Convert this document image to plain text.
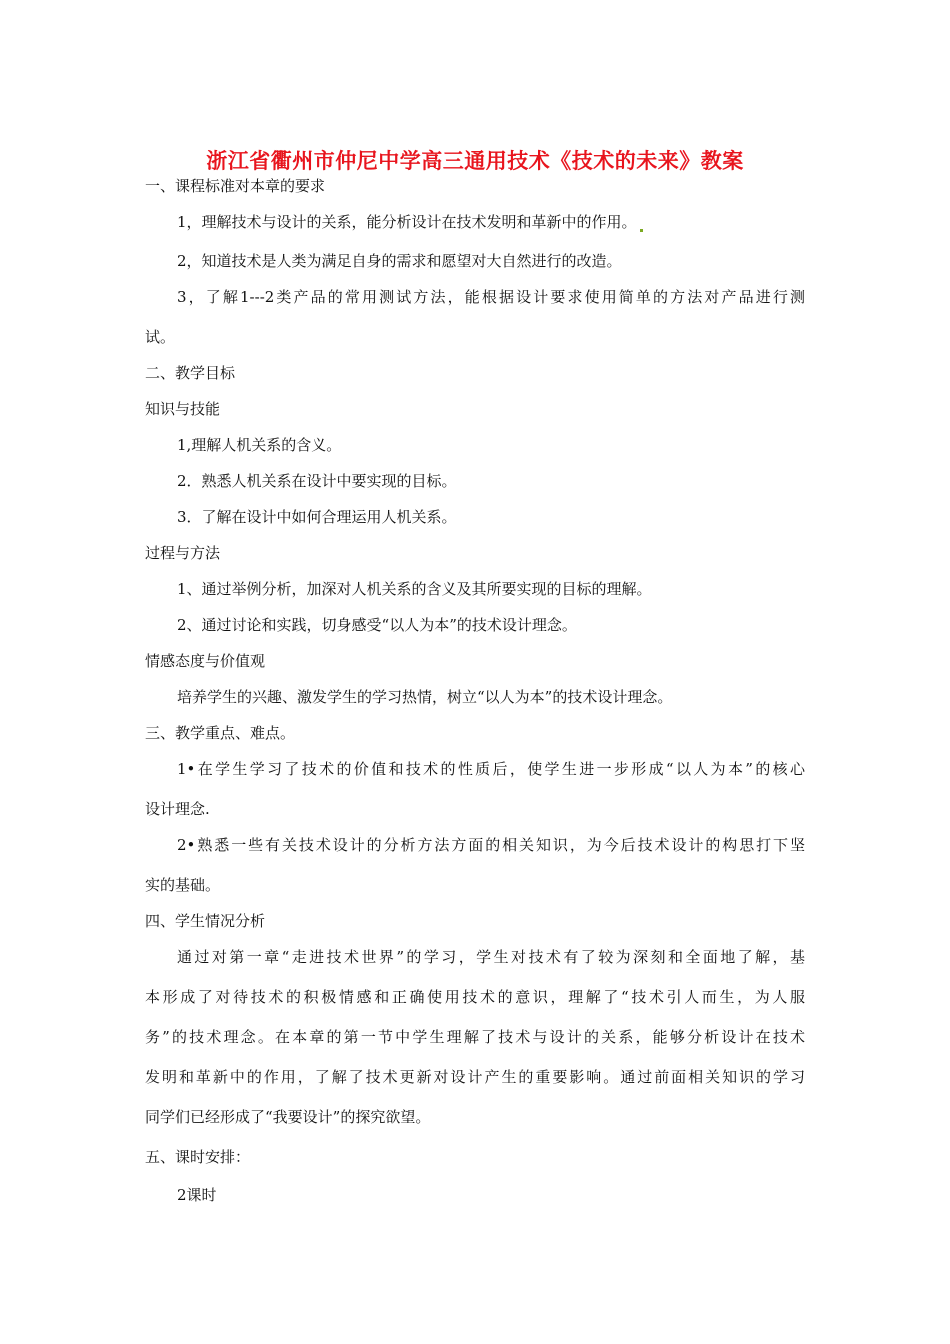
浙江省衢州市仲尼中学高三通用技术《技术的未来》教案
一、课程标准对本章的要求
1，理解技术与设计的关系，能分析设计在技术发明和革新中的作用。
2，知道技术是人类为满足自身的需求和愿望对大自然进行的改造。
3，了解1---2类产品的常用测试方法，能根据设计要求使用简单的方法对产品进行测
试。
二、教学目标
知识与技能
1,理解人机关系的含义。
2．熟悉人机关系在设计中要实现的目标。
3．了解在设计中如何合理运用人机关系。
过程与方法
1、通过举例分析，加深对人机关系的含义及其所要实现的目标的理解。
2、通过讨论和实践，切身感受“以人为本”的技术设计理念。
情感态度与价值观
培养学生的兴趣、激发学生的学习热情，树立“以人为本”的技术设计理念。
三、教学重点、难点。
1•在学生学习了技术的价值和技术的性质后，使学生进一步形成“以人为本”的核心
设计理念.
2•熟悉一些有关技术设计的分析方法方面的相关知识，为今后技术设计的构思打下坚
实的基础。
四、学生情况分析
通过对第一章“走进技术世界”的学习，学生对技术有了较为深刻和全面地了解，基
本形成了对待技术的积极情感和正确使用技术的意识，理解了“技术引人而生，为人服
务”的技术理念。在本章的第一节中学生理解了技术与设计的关系，能够分析设计在技术
发明和革新中的作用，了解了技术更新对设计产生的重要影响。通过前面相关知识的学习
同学们已经形成了“我要设计”的探究欲望。
五、课时安排：
2课时
